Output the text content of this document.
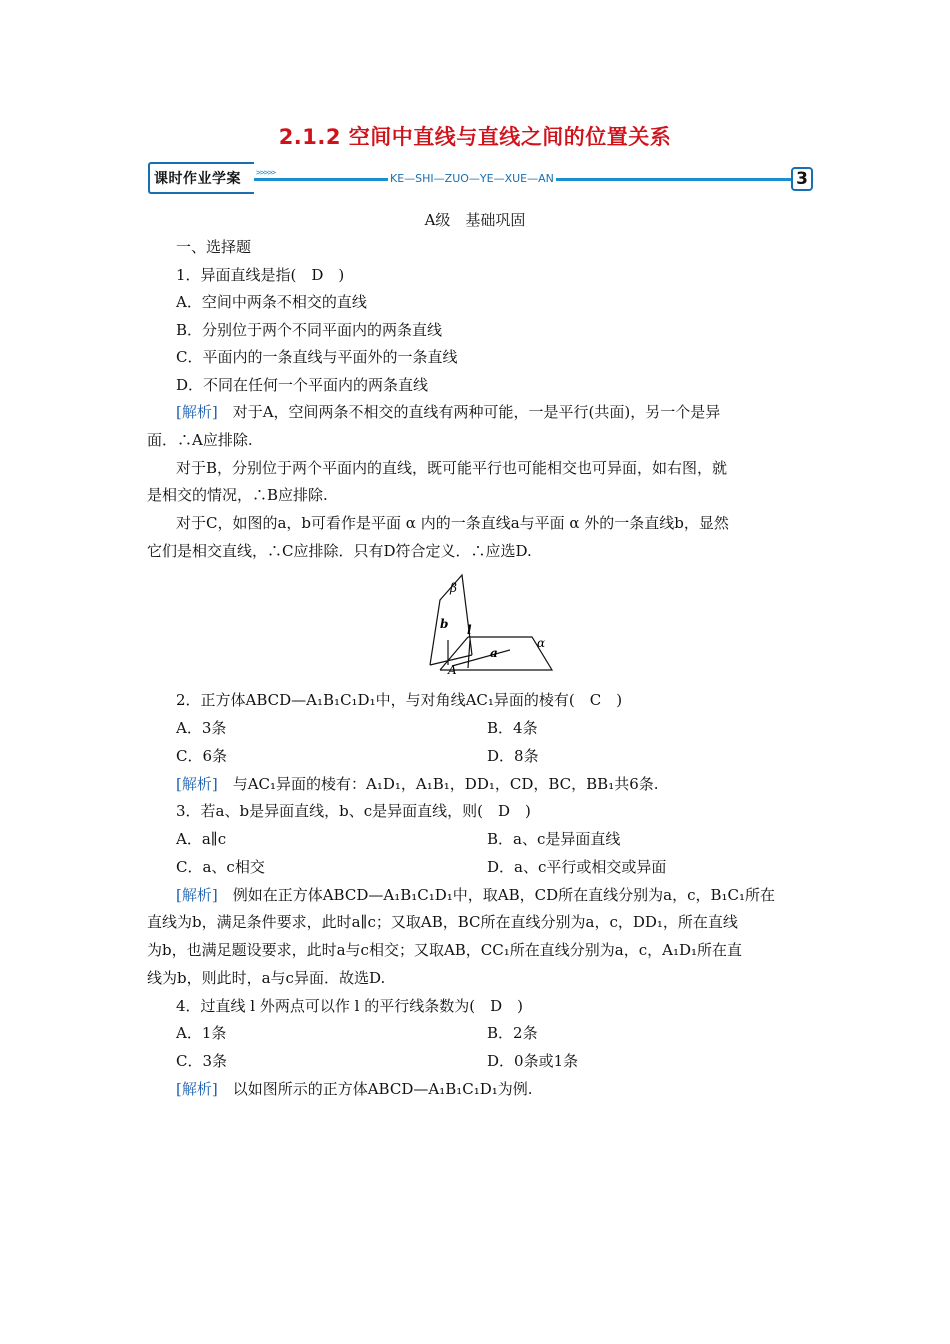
2.1.2 空间中直线与直线之间的位置关系
课时作业学案 >>>>>	KE—SHI—ZUO—YE—XUE—AN	3
A级　基础巩固
一、选择题
1．异面直线是指(　D　)
A．空间中两条不相交的直线
B．分别位于两个不同平面内的两条直线
C．平面内的一条直线与平面外的一条直线
D．不同在任何一个平面内的两条直线
[解析]　对于A，空间两条不相交的直线有两种可能，一是平行(共面)，另一个是异
面．∴A应排除.
对于B，分别位于两个平面内的直线，既可能平行也可能相交也可异面，如右图，就
是相交的情况，∴B应排除.
对于C，如图的a，b可看作是平面 α 内的一条直线a与平面 α 外的一条直线b，显然
它们是相交直线，∴C应排除．只有D符合定义．∴应选D.
β
b l
a
α
A
2．正方体ABCD—A₁B₁C₁D₁中，与对角线AC₁异面的棱有(　C　)
A．3条	B．4条
C．6条	D．8条
[解析]　与AC₁异面的棱有：A₁D₁，A₁B₁，DD₁，CD，BC，BB₁共6条.
3．若a、b是异面直线，b、c是异面直线，则(　D　)
A．a∥c	B．a、c是异面直线
C．a、c相交	D．a、c平行或相交或异面
[解析]　例如在正方体ABCD—A₁B₁C₁D₁中，取AB，CD所在直线分别为a，c，B₁C₁所在
直线为b，满足条件要求，此时a∥c；又取AB，BC所在直线分别为a，c，DD₁，所在直线
为b，也满足题设要求，此时a与c相交；又取AB，CC₁所在直线分别为a，c，A₁D₁所在直
线为b，则此时，a与c异面．故选D.
4．过直线 l 外两点可以作 l 的平行线条数为(　D　)
A．1条	B．2条
C．3条	D．0条或1条
[解析]　以如图所示的正方体ABCD—A₁B₁C₁D₁为例.
